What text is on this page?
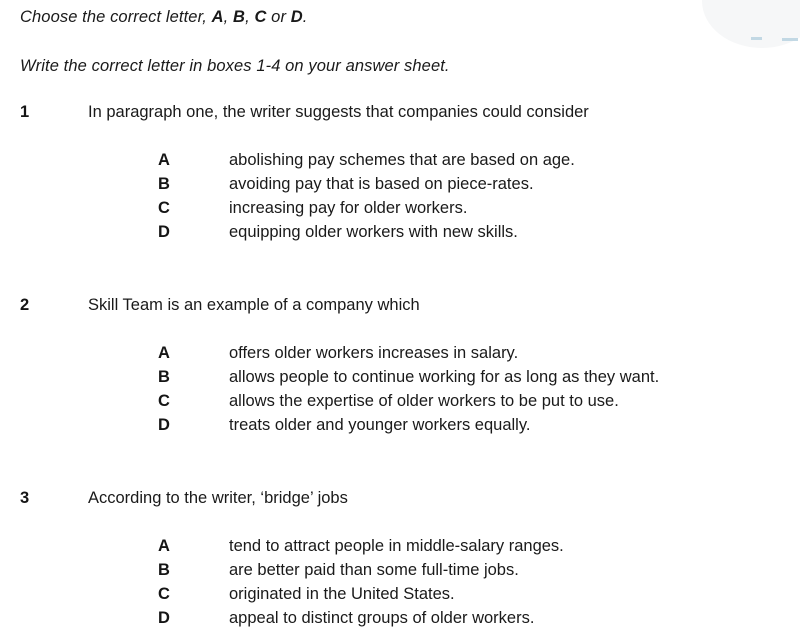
Choose the correct letter, A, B, C or D.
Write the correct letter in boxes 1-4 on your answer sheet.
1	In paragraph one, the writer suggests that companies could consider
A	abolishing pay schemes that are based on age.
B	avoiding pay that is based on piece-rates.
C	increasing pay for older workers.
D	equipping older workers with new skills.
2	Skill Team is an example of a company which
A	offers older workers increases in salary.
B	allows people to continue working for as long as they want.
C	allows the expertise of older workers to be put to use.
D	treats older and younger workers equally.
3	According to the writer, ‘bridge’ jobs
A	tend to attract people in middle-salary ranges.
B	are better paid than some full-time jobs.
C	originated in the United States.
D	appeal to distinct groups of older workers.
